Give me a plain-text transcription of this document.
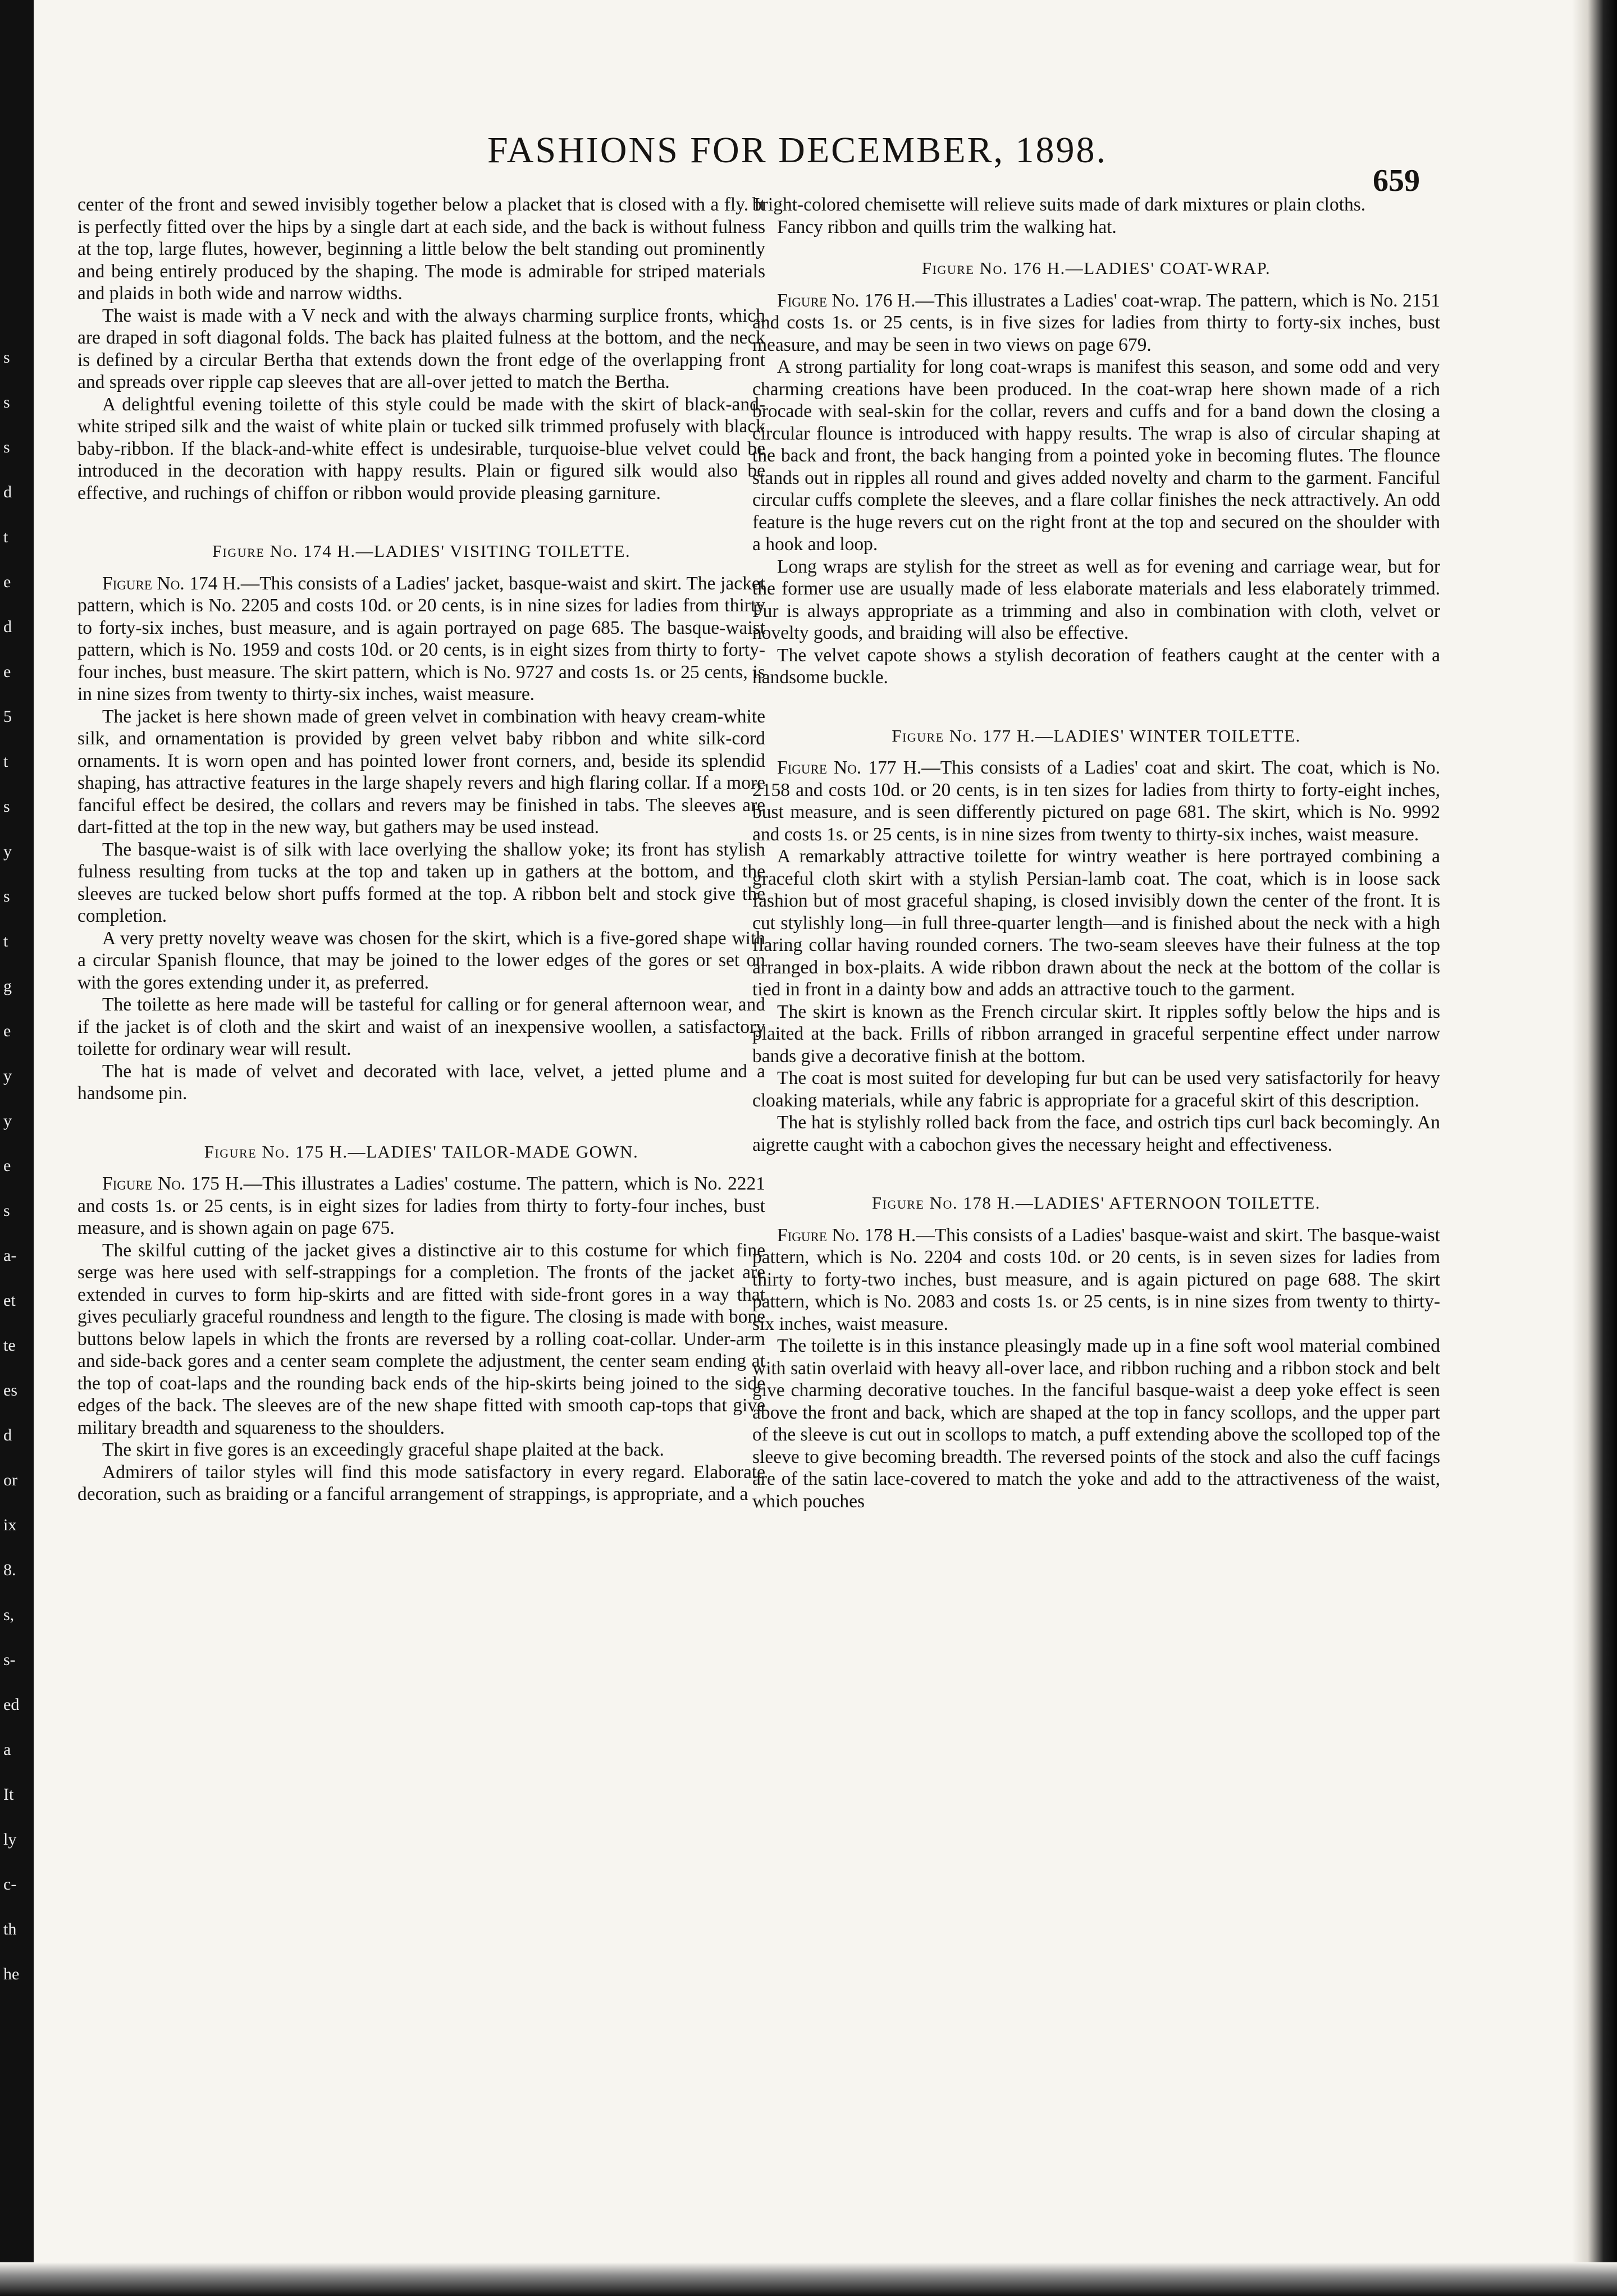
s
s
s
d
t
e
d
e
5
t
s
y
s
t
g
e
y
y
e
s
a-
et
te
es
d
or
ix
8.
s,
s-
ed
a
It
ly
c-
th
he
FASHIONS FOR DECEMBER, 1898.
659

center of the front and sewed invisibly together below a placket that is closed with a fly. It is perfectly fitted over the hips by a single dart at each side, and the back is without fulness at the top, large flutes, however, beginning a little below the belt standing out prominently and being entirely produced by the shaping. The mode is admirable for striped materials and plaids in both wide and narrow widths.

The waist is made with a V neck and with the always charming surplice fronts, which are draped in soft diagonal folds. The back has plaited fulness at the bottom, and the neck is defined by a circular Bertha that extends down the front edge of the overlapping front and spreads over ripple cap sleeves that are all-over jetted to match the Bertha.

A delightful evening toilette of this style could be made with the skirt of black-and-white striped silk and the waist of white plain or tucked silk trimmed profusely with black baby-ribbon. If the black-and-white effect is undesirable, turquoise-blue velvet could be introduced in the decoration with happy results. Plain or figured silk would also be effective, and ruchings of chiffon or ribbon would provide pleasing garniture.

Figure No. 174 H.—LADIES' VISITING TOILETTE.

Figure No. 174 H.—This consists of a Ladies' jacket, basque-waist and skirt. The jacket pattern, which is No. 2205 and costs 10d. or 20 cents, is in nine sizes for ladies from thirty to forty-six inches, bust measure, and is again portrayed on page 685. The basque-waist pattern, which is No. 1959 and costs 10d. or 20 cents, is in eight sizes from thirty to forty-four inches, bust measure. The skirt pattern, which is No. 9727 and costs 1s. or 25 cents, is in nine sizes from twenty to thirty-six inches, waist measure.

The jacket is here shown made of green velvet in combination with heavy cream-white silk, and ornamentation is provided by green velvet baby ribbon and white silk-cord ornaments. It is worn open and has pointed lower front corners, and, beside its splendid shaping, has attractive features in the large shapely revers and high flaring collar. If a more fanciful effect be desired, the collars and revers may be finished in tabs. The sleeves are dart-fitted at the top in the new way, but gathers may be used instead.

The basque-waist is of silk with lace overlying the shallow yoke; its front has stylish fulness resulting from tucks at the top and taken up in gathers at the bottom, and the sleeves are tucked below short puffs formed at the top. A ribbon belt and stock give the completion.

A very pretty novelty weave was chosen for the skirt, which is a five-gored shape with a circular Spanish flounce, that may be joined to the lower edges of the gores or set on with the gores extending under it, as preferred.

The toilette as here made will be tasteful for calling or for general afternoon wear, and if the jacket is of cloth and the skirt and waist of an inexpensive woollen, a satisfactory toilette for ordinary wear will result.

The hat is made of velvet and decorated with lace, velvet, a jetted plume and a handsome pin.

Figure No. 175 H.—LADIES' TAILOR-MADE GOWN.

Figure No. 175 H.—This illustrates a Ladies' costume. The pattern, which is No. 2221 and costs 1s. or 25 cents, is in eight sizes for ladies from thirty to forty-four inches, bust measure, and is shown again on page 675.

The skilful cutting of the jacket gives a distinctive air to this costume for which fine serge was here used with self-strappings for a completion. The fronts of the jacket are extended in curves to form hip-skirts and are fitted with side-front gores in a way that gives peculiarly graceful roundness and length to the figure. The closing is made with bone buttons below lapels in which the fronts are reversed by a rolling coat-collar. Under-arm and side-back gores and a center seam complete the adjustment, the center seam ending at the top of coat-laps and the rounding back ends of the hip-skirts being joined to the side edges of the back. The sleeves are of the new shape fitted with smooth cap-tops that give military breadth and squareness to the shoulders.

The skirt in five gores is an exceedingly graceful shape plaited at the back.

Admirers of tailor styles will find this mode satisfactory in every regard. Elaborate decoration, such as braiding or a fanciful arrangement of strappings, is appropriate, and a

bright-colored chemisette will relieve suits made of dark mixtures or plain cloths.

Fancy ribbon and quills trim the walking hat.

Figure No. 176 H.—LADIES' COAT-WRAP.

Figure No. 176 H.—This illustrates a Ladies' coat-wrap. The pattern, which is No. 2151 and costs 1s. or 25 cents, is in five sizes for ladies from thirty to forty-six inches, bust measure, and may be seen in two views on page 679.

A strong partiality for long coat-wraps is manifest this season, and some odd and very charming creations have been produced. In the coat-wrap here shown made of a rich brocade with seal-skin for the collar, revers and cuffs and for a band down the closing a circular flounce is introduced with happy results. The wrap is also of circular shaping at the back and front, the back hanging from a pointed yoke in becoming flutes. The flounce stands out in ripples all round and gives added novelty and charm to the garment. Fanciful circular cuffs complete the sleeves, and a flare collar finishes the neck attractively. An odd feature is the huge revers cut on the right front at the top and secured on the shoulder with a hook and loop.

Long wraps are stylish for the street as well as for evening and carriage wear, but for the former use are usually made of less elaborate materials and less elaborately trimmed. Fur is always appropriate as a trimming and also in combination with cloth, velvet or novelty goods, and braiding will also be effective.

The velvet capote shows a stylish decoration of feathers caught at the center with a handsome buckle.

Figure No. 177 H.—LADIES' WINTER TOILETTE.

Figure No. 177 H.—This consists of a Ladies' coat and skirt. The coat, which is No. 2158 and costs 10d. or 20 cents, is in ten sizes for ladies from thirty to forty-eight inches, bust measure, and is seen differently pictured on page 681. The skirt, which is No. 9992 and costs 1s. or 25 cents, is in nine sizes from twenty to thirty-six inches, waist measure.

A remarkably attractive toilette for wintry weather is here portrayed combining a graceful cloth skirt with a stylish Persian-lamb coat. The coat, which is in loose sack fashion but of most graceful shaping, is closed invisibly down the center of the front. It is cut stylishly long—in full three-quarter length—and is finished about the neck with a high flaring collar having rounded corners. The two-seam sleeves have their fulness at the top arranged in box-plaits. A wide ribbon drawn about the neck at the bottom of the collar is tied in front in a dainty bow and adds an attractive touch to the garment.

The skirt is known as the French circular skirt. It ripples softly below the hips and is plaited at the back. Frills of ribbon arranged in graceful serpentine effect under narrow bands give a decorative finish at the bottom.

The coat is most suited for developing fur but can be used very satisfactorily for heavy cloaking materials, while any fabric is appropriate for a graceful skirt of this description.

The hat is stylishly rolled back from the face, and ostrich tips curl back becomingly. An aigrette caught with a cabochon gives the necessary height and effectiveness.

Figure No. 178 H.—LADIES' AFTERNOON TOILETTE.

Figure No. 178 H.—This consists of a Ladies' basque-waist and skirt. The basque-waist pattern, which is No. 2204 and costs 10d. or 20 cents, is in seven sizes for ladies from thirty to forty-two inches, bust measure, and is again pictured on page 688. The skirt pattern, which is No. 2083 and costs 1s. or 25 cents, is in nine sizes from twenty to thirty-six inches, waist measure.

The toilette is in this instance pleasingly made up in a fine soft wool material combined with satin overlaid with heavy all-over lace, and ribbon ruching and a ribbon stock and belt give charming decorative touches. In the fanciful basque-waist a deep yoke effect is seen above the front and back, which are shaped at the top in fancy scollops, and the upper part of the sleeve is cut out in scollops to match, a puff extending above the scolloped top of the sleeve to give becoming breadth. The reversed points of the stock and also the cuff facings are of the satin lace-covered to match the yoke and add to the attractiveness of the waist, which pouches
